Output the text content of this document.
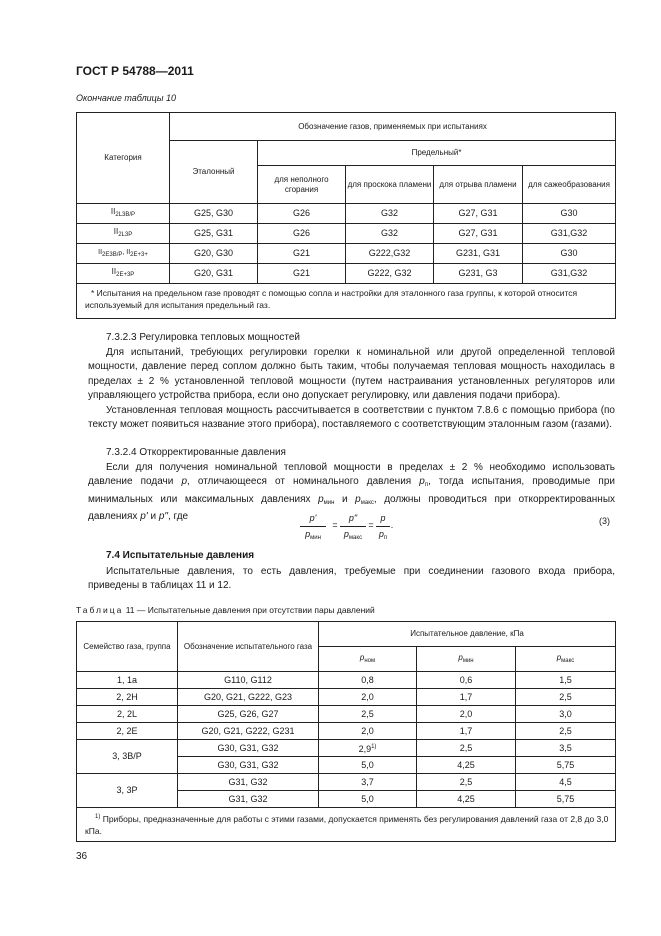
ГОСТ Р 54788—2011
Окончание таблицы 10
Категория	Обозначение газов, применяемых при испытаниях				
	Эталонный	Предельный*			
		для неполного сгорания	для проскока пламени	для отрыва пламени	для сажеобразования
$II_{2L3B/P}$	G25, G30	G26	G32	G27, G31	G30
$II_{2L3P}$	G25, G31	G26	G32	G27, G31	G31,G32
$II_{2E3B/P}$, $II_{2E+3+}$	G20, G30	G21	G222,G32	G231, G31	G30
$II_{2E+3P}$	G20, G31	G21	G222, G32	G231, G3	G31,G32

* Испытания на предельном газе проводят с помощью сопла и настройки для эталонного газа группы, к которой относится используемый для испытания предельный газ.					
7.3.2.3 Регулировка тепловых мощностей
Для испытаний, требующих регулировки горелки к номинальной или другой определенной тепловой мощности, давление перед соплом должно быть таким, чтобы получаемая тепловая мощность находилась в пределах ± 2 % установленной тепловой мощности (путем настраивания установленных регуляторов или управляющего устройства прибора, если оно допускает регулировку, или давления подачи прибора).
Установленная тепловая мощность рассчитывается в соответствии с пунктом 7.8.6 с помощью прибора (по тексту может появиться название этого прибора), поставляемого с соответствующим эталонным газом (газами).
7.3.2.4 Откорректированные давления
Если для получения номинальной тепловой мощности в пределах ± 2 % необходимо использовать давление подачи p, отличающееся от номинального давления $p_п$, тогда испытания, проводимые при минимальных или максимальных давлениях $p_{мин}$ и $p_{макс}$, должны проводиться при откорректированных давлениях p' и p", где	p'
$p_{мин}$
=
p"
$p_{макс}$
=
p
$p_п$
.	(3)
7.4 Испытательные давления
Испытательные давления, то есть давления, требуемые при соединении газового входа прибора, приведены в таблицах 11 и 12.
Таблица 11 — Испытательные давления при отсутствии пары давлений
Семейство газа, группа	Обозначение испытательного газа	Испытательное давление, кПа		
		$p_{ном}$	$p_{мин}$	$p_{макс}$
1, 1a	G110, G112	0,8	0,6	1,5
2, 2H	G20, G21, G222, G23	2,0	1,7	2,5
2, 2L	G25, G26, G27	2,5	2,0	3,0
2, 2E	G20, G21, G222, G231	2,0	1,7	2,5
3, 3B/P	G30, G31, G32	2,9$^{1)}$	2,5	3,5
	G30, G31, G32	5,0	4,25	5,75
3, 3P	G31, G32	3,7	2,5	4,5
	G31, G32	5,0	4,25	5,75

$^{1)}$ Приборы, предназначенные для работы с этими газами, допускается применять без регулирования давлений газа от 2,8 до 3,0 кПа.				
36
